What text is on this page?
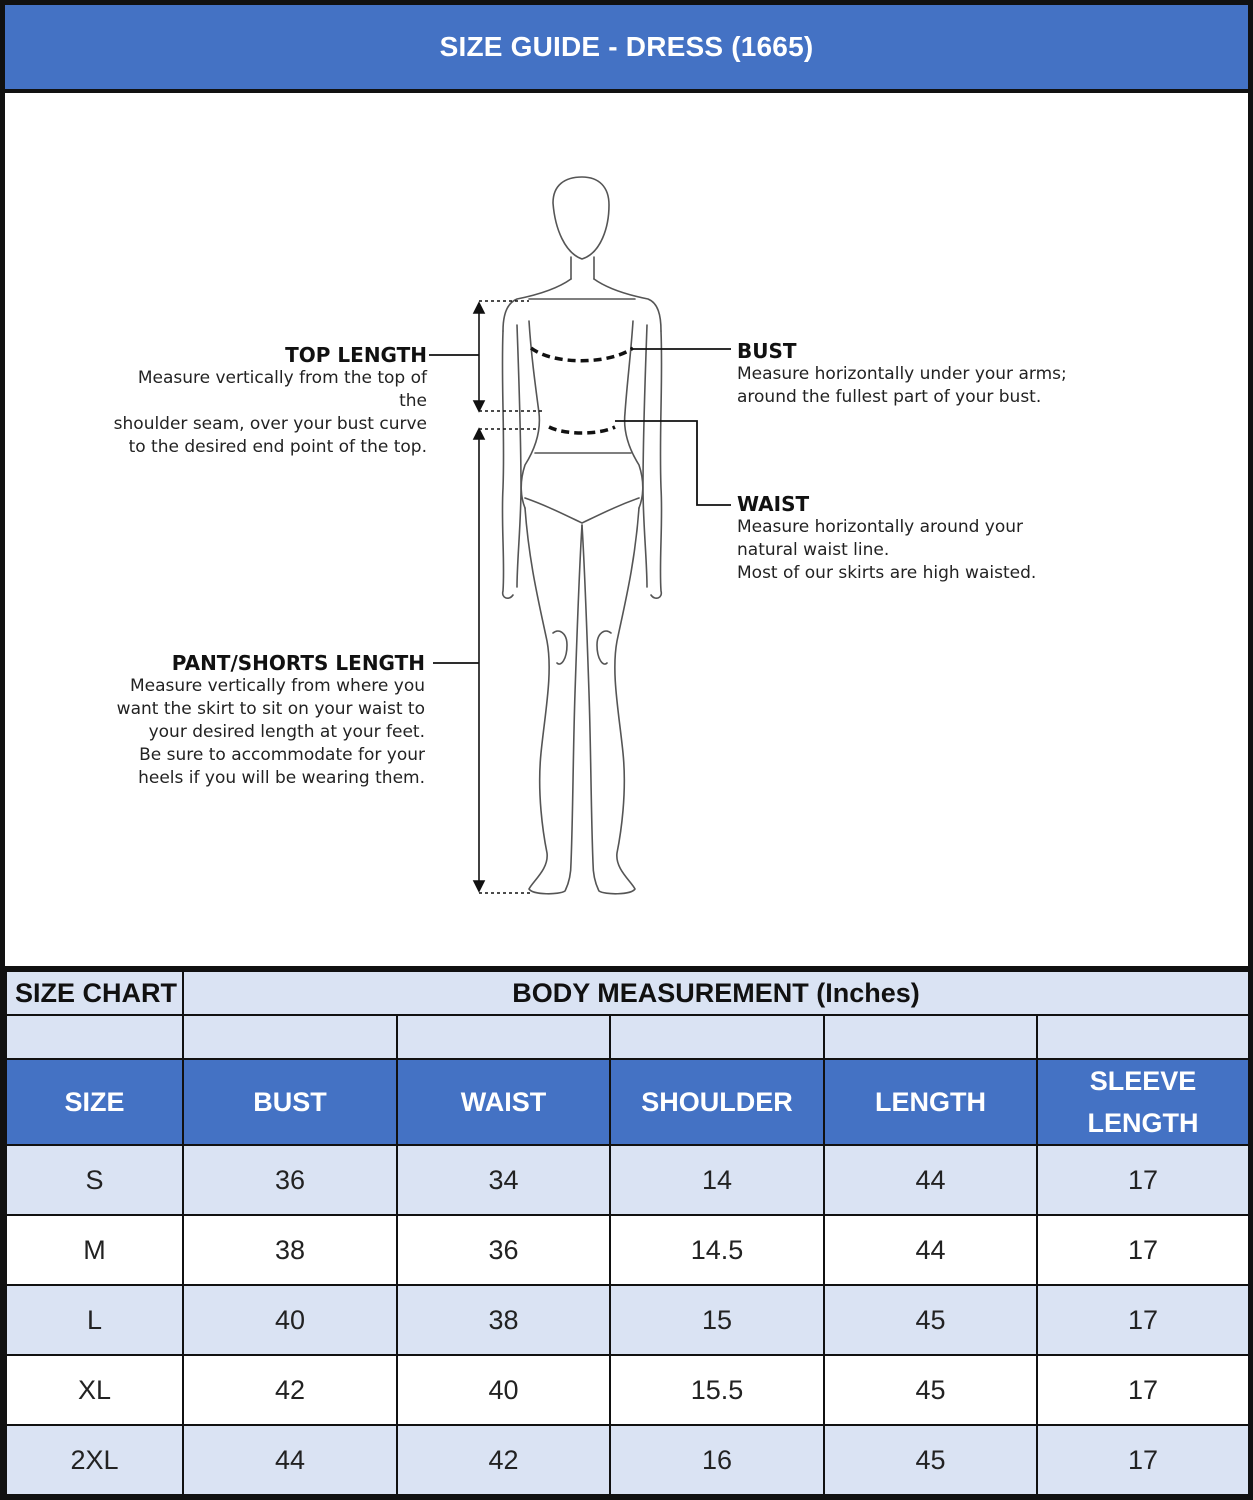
SIZE GUIDE - DRESS (1665)
TOP LENGTH
Measure vertically from the top of the
shoulder seam, over your bust curve
to the desired end point of the top.
BUST
Measure horizontally under your arms;
around the fullest part of your bust.
WAIST
Measure horizontally around your
natural waist line.
Most of our skirts are high waisted.
PANT/SHORTS LENGTH
Measure vertically from where you
want the skirt to sit on your waist to
your desired length at your feet.
Be sure to accommodate for your
heels if you will be wearing them.
SIZE CHART	BODY MEASUREMENT (Inches)				

SIZE	BUST	WAIST	SHOULDER	LENGTH	SLEEVE
LENGTH

S	36	34	14	44	17
M	38	36	14.5	44	17
L	40	38	15	45	17
XL	42	40	15.5	45	17
2XL	44	42	16	45	17
